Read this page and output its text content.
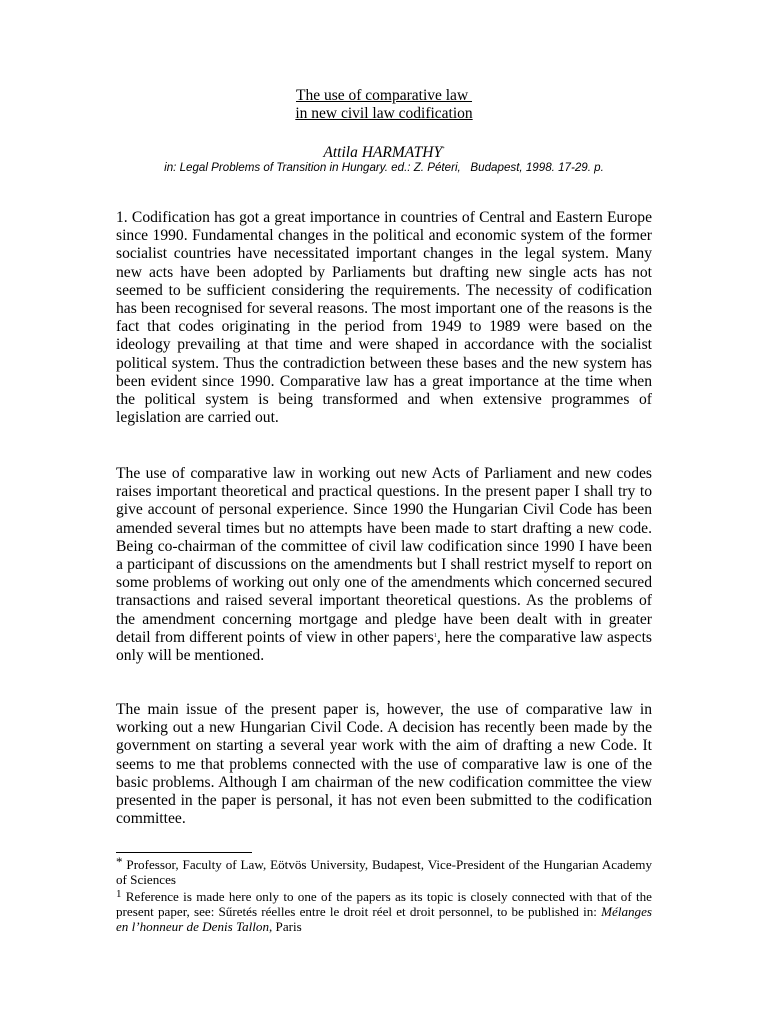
The use of comparative law
in new civil law codification
Attila HARMATHY*
in: Legal Problems of Transition in Hungary. ed.: Z. Péteri,   Budapest, 1998. 17-29. p.

1. Codification has got a great importance in countries of Central and Eastern Europe since 1990. Fundamental changes in the political and economic system of the former socialist countries have necessitated important changes in the legal system. Many new acts have been adopted by Parliaments but drafting new single acts has not seemed to be sufficient considering the requirements. The necessity of codification has been recognised for several reasons. The most important one of the reasons is the fact that codes originating in the period from 1949 to 1989 were based on the ideology prevailing at that time and were shaped in accordance with the socialist political system. Thus the contradiction between these bases and the new system has been evident since 1990. Comparative law has a great importance at the time when the political system is being transformed and when extensive programmes of legislation are carried out.

The use of comparative law in working out new Acts of Parliament and new codes raises important theoretical and practical questions. In the present paper I shall try to give account of personal experience. Since 1990 the Hungarian Civil Code has been amended several times but no attempts have been made to start drafting a new code. Being co-chairman of the committee of civil law codification since 1990 I have been a participant of discussions on the amendments but I shall restrict myself to report on some problems of working out only one of the amendments which concerned secured transactions and raised several important theoretical questions. As the problems of the amendment concerning mortgage and pledge have been dealt with in greater detail from different points of view in other papers$^1$, here the comparative law aspects only will be mentioned.

The main issue of the present paper is, however, the use of comparative law in working out a new Hungarian Civil Code. A decision has recently been made by the government on starting a several year work with the aim of drafting a new Code. It seems to me that problems connected with the use of comparative law is one of the basic problems. Although I am chairman of the new codification committee the view presented in the paper is personal, it has not even been submitted to the codification committee.

* Professor, Faculty of Law, Eötvös University, Budapest, Vice-President of the Hungarian Academy of Sciences

$^1$ Reference is made here only to one of the papers as its topic is closely connected with that of the present paper, see: Sűretés réelles entre le droit réel et droit personnel, to be published in: Mélanges en l’honneur de Denis Tallon, Paris
